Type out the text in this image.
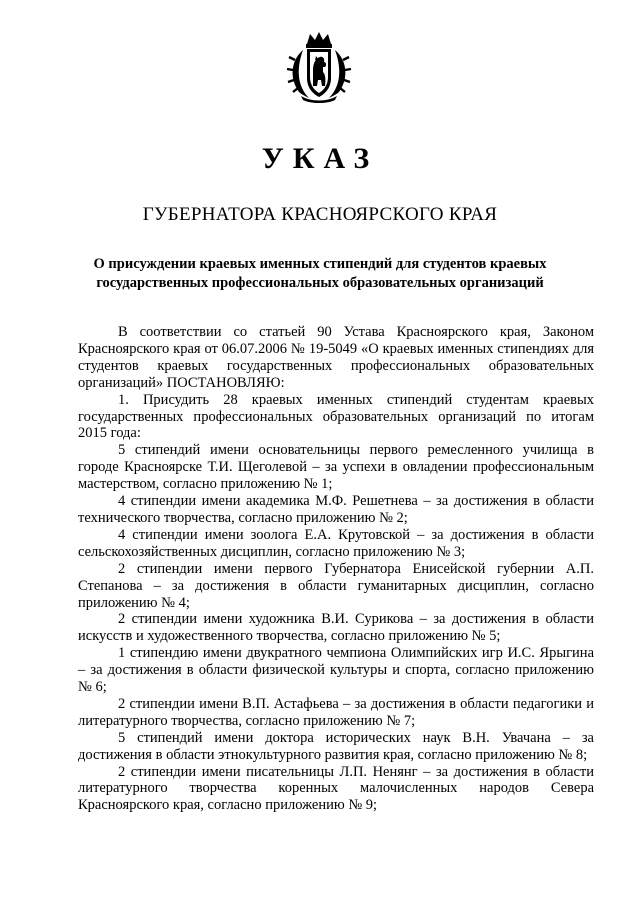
УКАЗ
ГУБЕРНАТОРА КРАСНОЯРСКОГО КРАЯ
О присуждении краевых именных стипендий для студентов краевых
государственных профессиональных образовательных организаций

В соответствии со статьей 90 Устава Красноярского края, Законом Красноярского края от 06.07.2006 № 19-5049 «О краевых именных стипендиях для студентов краевых государственных профессиональных образовательных организаций» ПОСТАНОВЛЯЮ:

1. Присудить 28 краевых именных стипендий студентам краевых государственных профессиональных образовательных организаций по итогам 2015 года:

5 стипендий имени основательницы первого ремесленного училища в городе Красноярске Т.И. Щеголевой – за успехи в овладении профессиональным мастерством, согласно приложению № 1;

4 стипендии имени академика М.Ф. Решетнева – за достижения в области технического творчества, согласно приложению № 2;

4 стипендии имени зоолога Е.А. Крутовской – за достижения в области сельскохозяйственных дисциплин, согласно приложению № 3;

2 стипендии имени первого Губернатора Енисейской губернии А.П. Степанова – за достижения в области гуманитарных дисциплин, согласно приложению № 4;

2 стипендии имени художника В.И. Сурикова – за достижения в области искусств и художественного творчества, согласно приложению № 5;

1 стипендию имени двукратного чемпиона Олимпийских игр И.С. Ярыгина – за достижения в области физической культуры и спорта, согласно приложению № 6;

2 стипендии имени В.П. Астафьева – за достижения в области педагогики и литературного творчества, согласно приложению № 7;

5 стипендий имени доктора исторических наук В.Н. Увачана – за достижения в области этнокультурного развития края, согласно приложению № 8;

2 стипендии имени писательницы Л.П. Ненянг – за достижения в области литературного творчества коренных малочисленных народов Севера Красноярского края, согласно приложению № 9;
